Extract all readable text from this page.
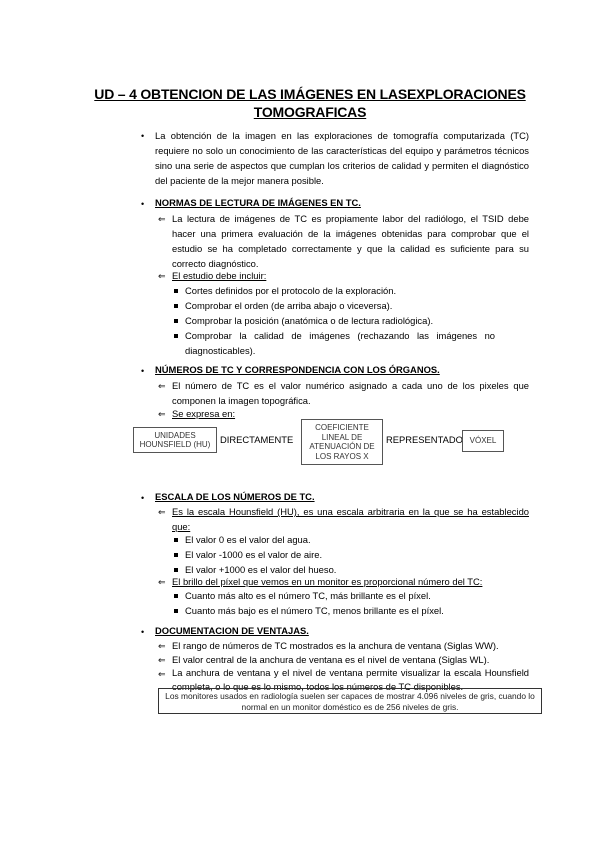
UD – 4 OBTENCION DE LAS IMÁGENES EN LASEXPLORACIONES
TOMOGRAFICAS
• La obtención de la imagen en las exploraciones de tomografía computarizada (TC) requiere no solo un conocimiento de las características del equipo y parámetros técnicos sino una serie de aspectos que cumplan los criterios de calidad y permiten el diagnóstico del paciente de la mejor manera posible.
• NORMAS DE LECTURA DE IMÁGENES EN TC.
⇐ La lectura de imágenes de TC es propiamente labor del radiólogo, el TSID debe hacer una primera evaluación de la imágenes obtenidas para comprobar que el estudio se ha completado correctamente y que la calidad es suficiente para su correcto diagnóstico.
⇐ El estudio debe incluir:
Cortes definidos por el protocolo de la exploración.
Comprobar el orden (de arriba abajo o viceversa).
Comprobar la posición (anatómica o de lectura radiológica).
Comprobar la calidad de imágenes (rechazando las imágenes no diagnosticables).
• NÚMEROS DE TC Y CORRESPONDENCIA CON LOS ÓRGANOS.
⇐ El número de TC es el valor numérico asignado a cada uno de los pixeles que componen la imagen topográfica.
⇐ Se expresa en:
UNIDADES HOUNSFIELD (HU)	DIRECTAMENTE
COEFICIENTE LINEAL DE ATENUACIÓN DE LOS RAYOS X
REPRESENTADO VÓXEL
• ESCALA DE LOS NÚMEROS DE TC.
⇐ Es la escala Hounsfield (HU), es una escala arbitraria en la que se ha establecido que:
El valor 0 es el valor del agua.
El valor -1000 es el valor de aire.
El valor +1000 es el valor del hueso.
⇐ El brillo del píxel que vemos en un monitor es proporcional número del TC:
Cuanto más alto es el número TC, más brillante es el píxel.
Cuanto más bajo es el número TC, menos brillante es el píxel.
• DOCUMENTACION DE VENTAJAS.
⇐ El rango de números de TC mostrados es la anchura de ventana (Siglas WW).
⇐ El valor central de la anchura de ventana es el nivel de ventana (Siglas WL).
⇐ La anchura de ventana y el nivel de ventana permite visualizar la escala Hounsfield completa, o lo que es lo mismo, todos los números de TC disponibles.
Los monitores usados en radiología suelen ser capaces de mostrar 4.096 niveles de gris, cuando lo normal en un monitor doméstico es de 256 niveles de gris.
